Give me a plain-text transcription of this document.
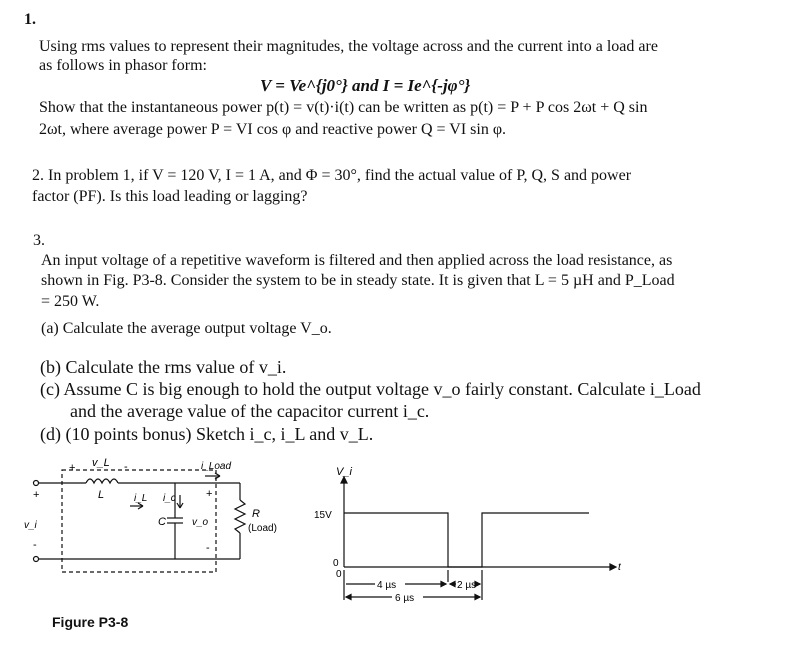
1.
Using rms values to represent their magnitudes, the voltage across and the current into a load are
as follows in phasor form:
V = Ve^{j0°} and I = Ie^{-jφ°}
Show that the instantaneous power p(t) = v(t)·i(t) can be written as p(t) = P + P cos 2ωt + Q sin
2ωt, where average power P = VI cos φ and reactive power Q = VI sin φ.
2. In problem 1, if V = 120 V, I = 1 A, and Φ = 30°, find the actual value of P, Q, S and power
factor (PF). Is this load leading or lagging?
3.
An input voltage of a repetitive waveform is filtered and then applied across the load resistance, as
shown in Fig. P3-8. Consider the system to be in steady state. It is given that L = 5 µH and P_Load
= 250 W.
(a) Calculate the average output voltage V_o.
(b) Calculate the rms value of v_i.
(c) Assume C is big enough to hold the output voltage v_o fairly constant. Calculate i_Load
and the average value of the capacitor current i_c.
(d) (10 points bonus) Sketch i_c, i_L and v_L.
+ v_L -	i_Load
+	+
L	i_L i_c
C	v_o
R
(Load)
v_i
-	-
V_i
15V
0
0
t
4 µs	2 µs
6 µs
Figure P3-8
